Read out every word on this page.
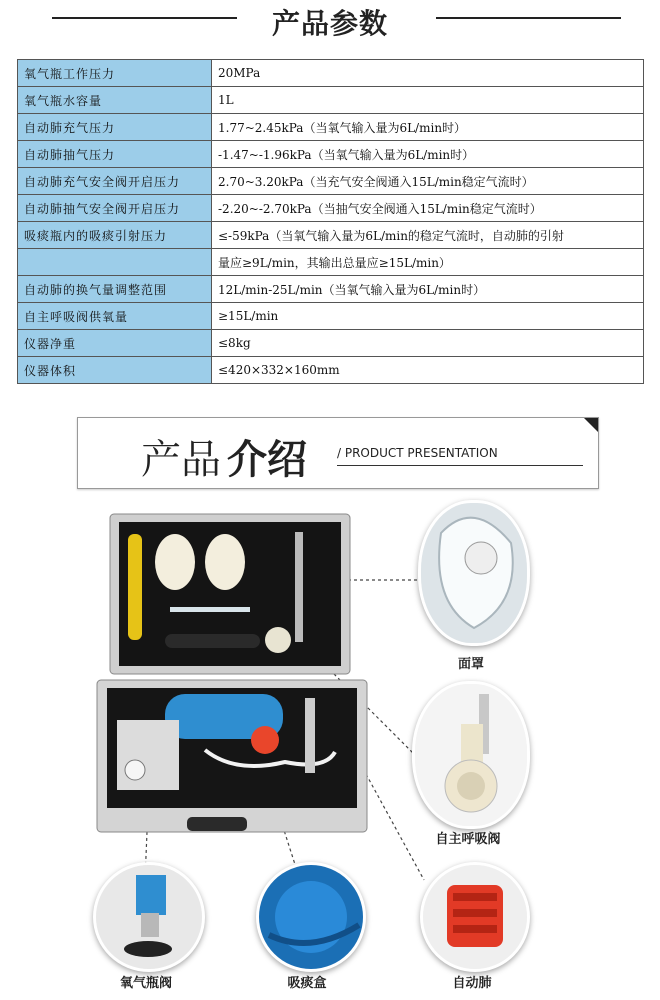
产品参数
氧气瓶工作压力	20MPa
氧气瓶水容量	1L
自动肺充气压力	1.77~2.45kPa（当氧气输入量为6L/min时）
自动肺抽气压力	-1.47~-1.96kPa（当氧气输入量为6L/min时）
自动肺充气安全阀开启压力	2.70~3.20kPa（当充气安全阀通入15L/min稳定气流时）
自动肺抽气安全阀开启压力	-2.20~-2.70kPa（当抽气安全阀通入15L/min稳定气流时）
吸痰瓶内的吸痰引射压力	≤-59kPa（当氧气输入量为6L/min的稳定气流时，自动肺的引射
	量应≥9L/min，其输出总量应≥15L/min）
自动肺的换气量调整范围	12L/min-25L/min（当氧气输入量为6L/min时）
自主呼吸阀供氧量	≥15L/min
仪器净重	≤8kg
仪器体积	≤420×332×160mm
产品 介绍	/ PRODUCT PRESENTATION
面罩
自主呼吸阀
氧气瓶阀	吸痰盒	自动肺
